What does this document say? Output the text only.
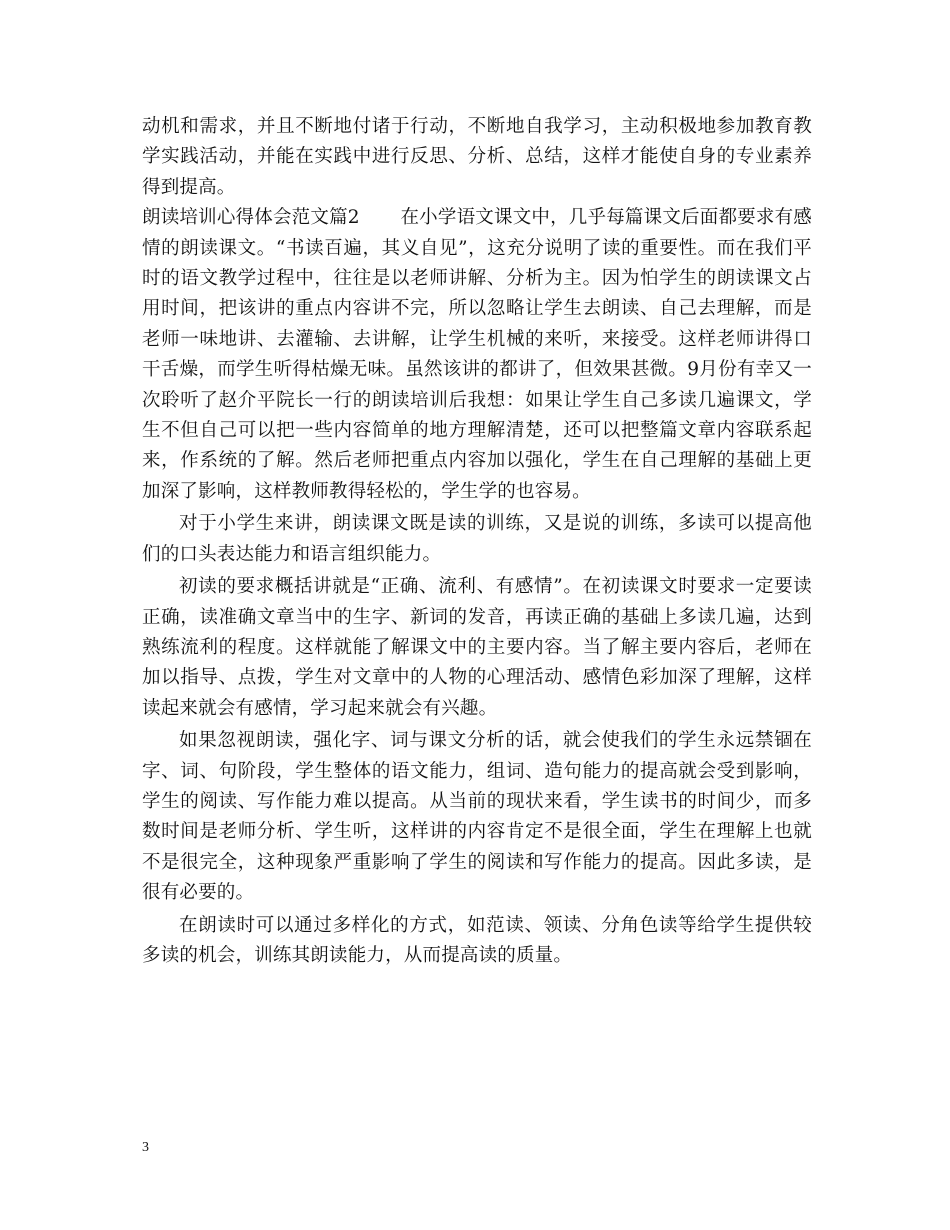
动机和需求，并且不断地付诸于行动，不断地自我学习，主动积极地参加教育教学实践活动，并能在实践中进行反思、分析、总结，这样才能使自身的专业素养得到提高。

朗读培训心得体会范文篇2 在小学语文课文中，几乎每篇课文后面都要求有感情的朗读课文。“书读百遍，其义自见”，这充分说明了读的重要性。而在我们平时的语文教学过程中，往往是以老师讲解、分析为主。因为怕学生的朗读课文占用时间，把该讲的重点内容讲不完，所以忽略让学生去朗读、自己去理解，而是老师一味地讲、去灌输、去讲解，让学生机械的来听，来接受。这样老师讲得口干舌燥，而学生听得枯燥无味。虽然该讲的都讲了，但效果甚微。9月份有幸又一次聆听了赵介平院长一行的朗读培训后我想：如果让学生自己多读几遍课文，学生不但自己可以把一些内容简单的地方理解清楚，还可以把整篇文章内容联系起来，作系统的了解。然后老师把重点内容加以强化，学生在自己理解的基础上更加深了影响，这样教师教得轻松的，学生学的也容易。

对于小学生来讲，朗读课文既是读的训练，又是说的训练，多读可以提高他们的口头表达能力和语言组织能力。

初读的要求概括讲就是“正确、流利、有感情”。在初读课文时要求一定要读正确，读准确文章当中的生字、新词的发音，再读正确的基础上多读几遍，达到熟练流利的程度。这样就能了解课文中的主要内容。当了解主要内容后，老师在加以指导、点拨，学生对文章中的人物的心理活动、感情色彩加深了理解，这样读起来就会有感情，学习起来就会有兴趣。

如果忽视朗读，强化字、词与课文分析的话，就会使我们的学生永远禁锢在字、词、句阶段，学生整体的语文能力，组词、造句能力的提高就会受到影响，学生的阅读、写作能力难以提高。从当前的现状来看，学生读书的时间少，而多数时间是老师分析、学生听，这样讲的内容肯定不是很全面，学生在理解上也就不是很完全，这种现象严重影响了学生的阅读和写作能力的提高。因此多读，是很有必要的。

在朗读时可以通过多样化的方式，如范读、领读、分角色读等给学生提供较多读的机会，训练其朗读能力，从而提高读的质量。

3
